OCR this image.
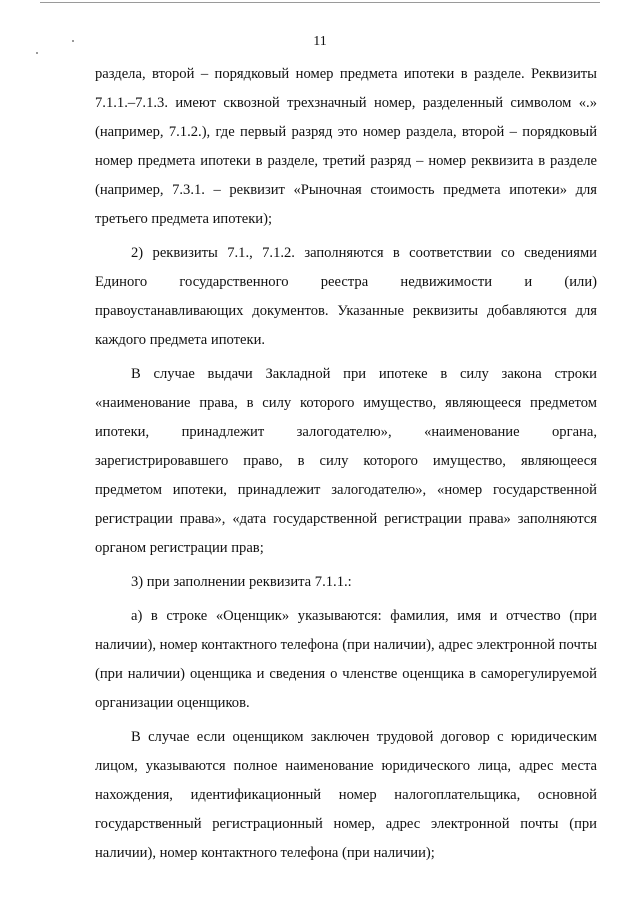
11

раздела, второй – порядковый номер предмета ипотеки в разделе. Реквизиты 7.1.1.–7.1.3. имеют сквозной трехзначный номер, разделенный символом «.» (например, 7.1.2.), где первый разряд это номер раздела, второй – порядковый номер предмета ипотеки в разделе, третий разряд – номер реквизита в разделе (например, 7.3.1. – реквизит «Рыночная стоимость предмета ипотеки» для третьего предмета ипотеки);

2) реквизиты 7.1., 7.1.2. заполняются в соответствии со сведениями Единого государственного реестра недвижимости и (или)

правоустанавливающих документов. Указанные реквизиты добавляются для каждого предмета ипотеки.

В случае выдачи Закладной при ипотеке в силу закона строки «наименование права, в силу которого имущество, являющееся предметом ипотеки, принадлежит залогодателю», «наименование органа, зарегистрировавшего право, в силу которого имущество, являющееся предметом ипотеки, принадлежит залогодателю», «номер государственной регистрации права», «дата государственной регистрации права» заполняются органом регистрации прав;

3) при заполнении реквизита 7.1.1.:

а) в строке «Оценщик» указываются: фамилия, имя и отчество (при наличии), номер контактного телефона (при наличии), адрес электронной почты (при наличии) оценщика и сведения о членстве оценщика в саморегулируемой организации оценщиков.

В случае если оценщиком заключен трудовой договор с юридическим лицом, указываются полное наименование юридического лица, адрес места нахождения, идентификационный номер налогоплательщика, основной государственный регистрационный номер, адрес электронной почты (при наличии), номер контактного телефона (при наличии);
